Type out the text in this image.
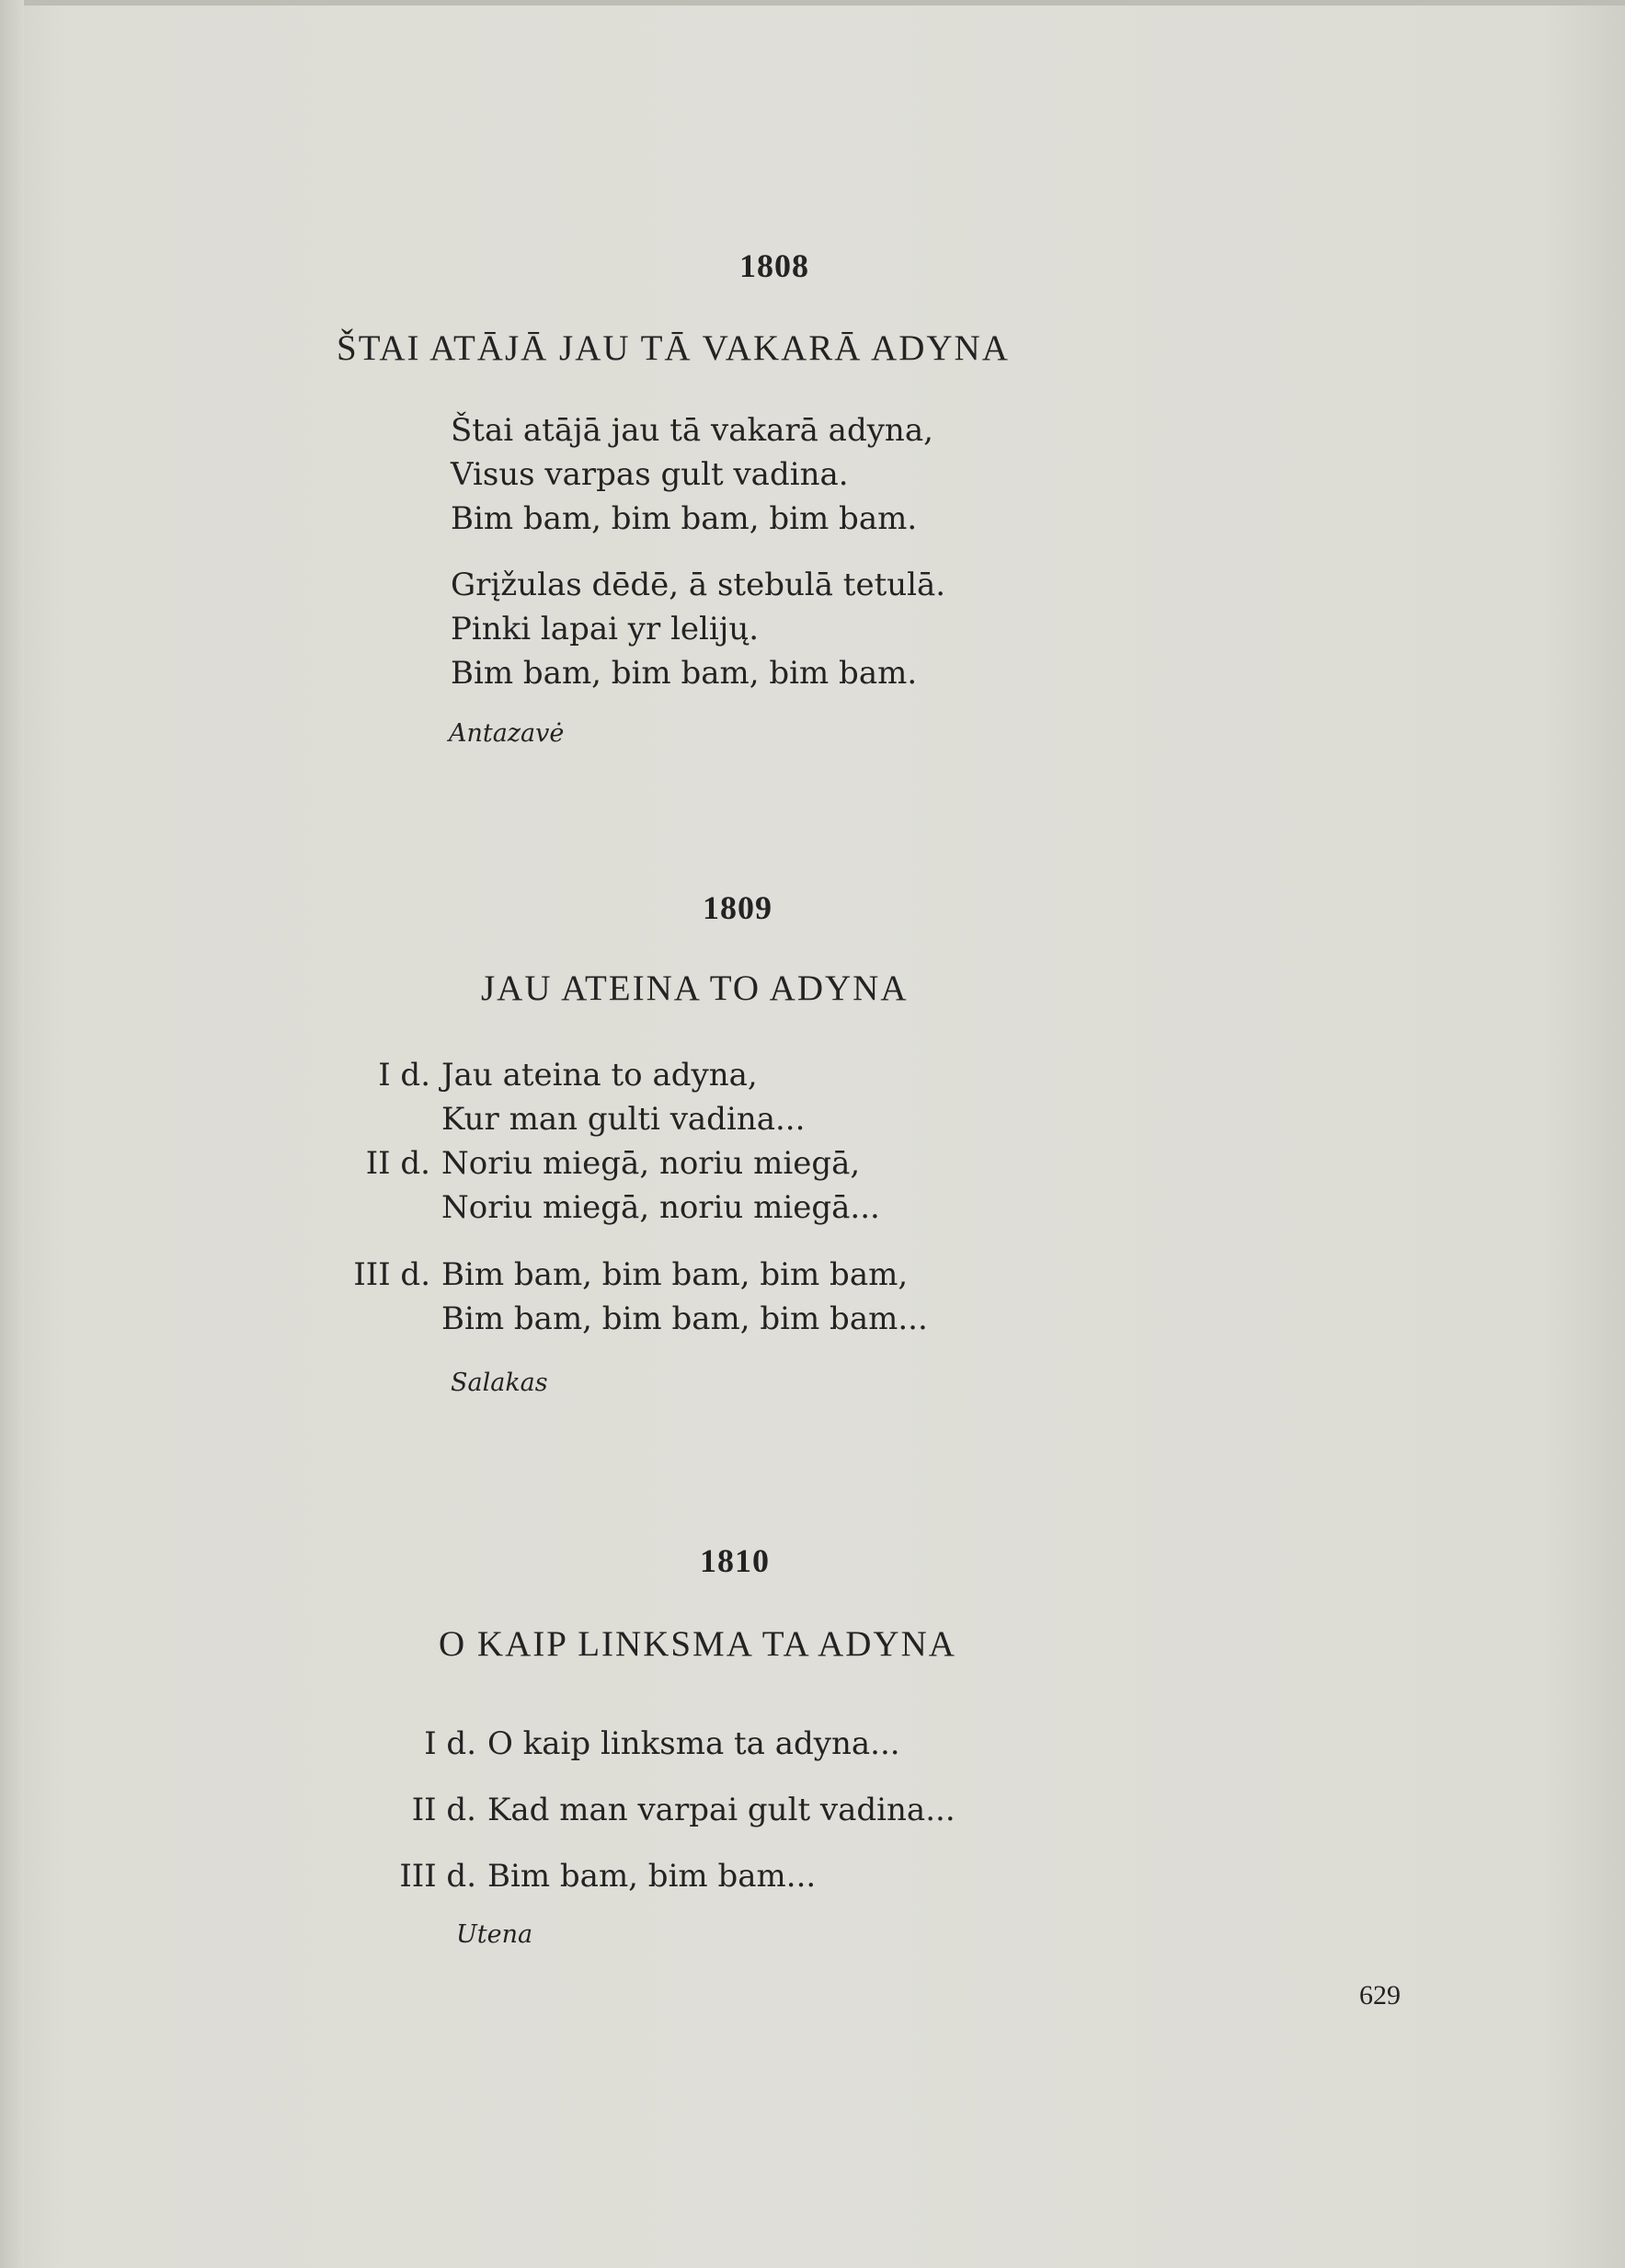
1808
ŠTAI ATĀJĀ JAU TĀ VAKARĀ ADYNA
Štai atājā jau tā vakarā adyna,
Visus varpas gult vadina.
Bim bam, bim bam, bim bam.
Grįžulas dēdē, ā stebulā tetulā.
Pinki lapai yr lelijų.
Bim bam, bim bam, bim bam.
Antazavė
1809
JAU ATEINA TO ADYNA
I d. Jau ateina to adyna,
Kur man gulti vadina...
II d. Noriu miegā, noriu miegā,
Noriu miegā, noriu miegā...
III d. Bim bam, bim bam, bim bam,
Bim bam, bim bam, bim bam...
Salakas
1810
O KAIP LINKSMA TA ADYNA
I d. O kaip linksma ta adyna...
II d. Kad man varpai gult vadina...
III d. Bim bam, bim bam...
Utena
629
